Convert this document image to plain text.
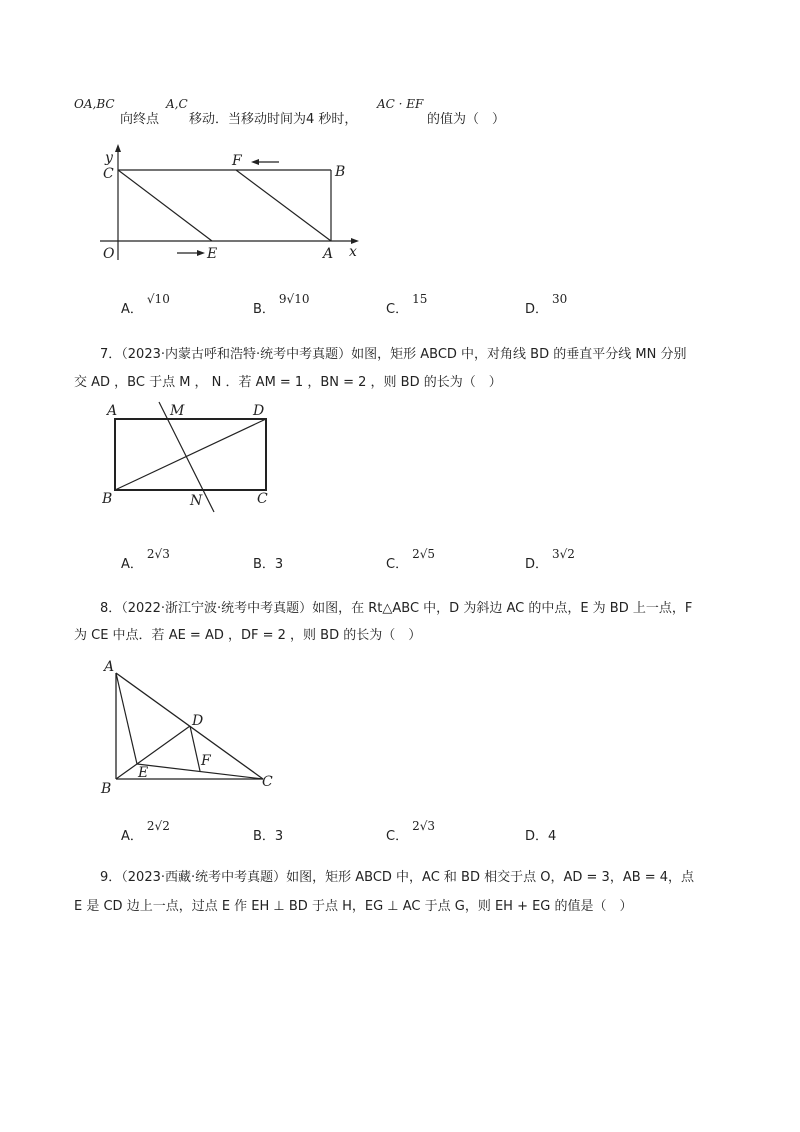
OA,BC
向终点
A,C
移动．当移动时间为4 秒时，
AC · EF
的值为（　）
y
C
F
B
O	E	A x
A．√10
B．9√10
C．15
D．30
7．（2023·内蒙古呼和浩特·统考中考真题）如图，矩形 ABCD 中，对角线 BD 的垂直平分线 MN 分别
交 AD ，BC 于点 M ， N ．若 AM = 1 ，BN = 2 ，则 BD 的长为（　）
A	M	D
B	N	C
A．2√3
B．3	C．2√5
D．3√2
8．（2022·浙江宁波·统考中考真题）如图，在 Rt△ABC 中，D 为斜边 AC 的中点，E 为 BD 上一点，F
为 CE 中点．若 AE = AD ，DF = 2 ，则 BD 的长为（　）
A
D
F
E
B	C
A．2√2
B．3	C．2√3
D．4
9．（2023·西藏·统考中考真题）如图，矩形 ABCD 中，AC 和 BD 相交于点 O，AD = 3，AB = 4，点
E 是 CD 边上一点，过点 E 作 EH ⊥ BD 于点 H，EG ⊥ AC 于点 G，则 EH + EG 的值是（　）
